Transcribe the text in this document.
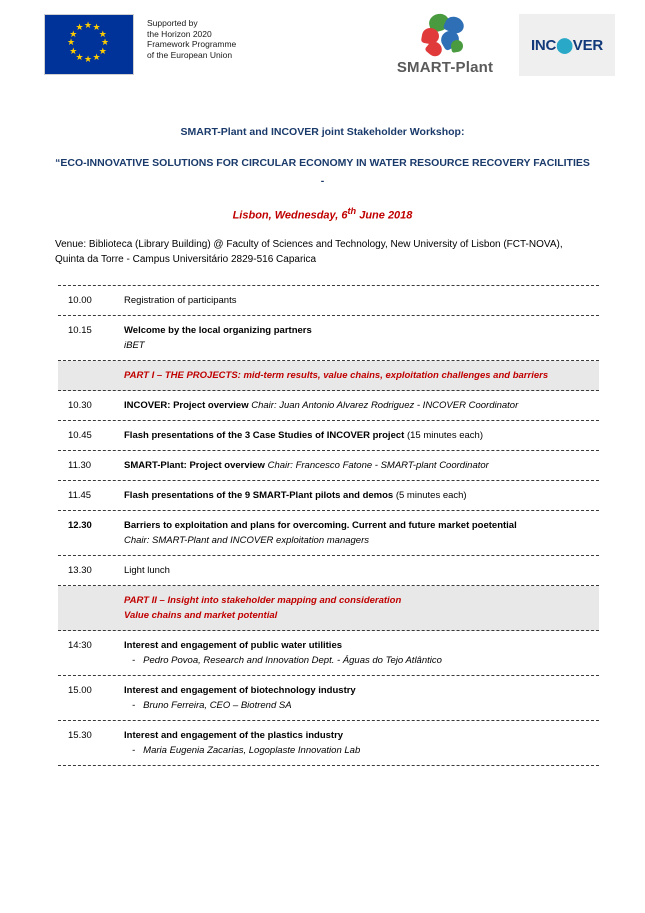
★ ★
★
★
★
★
★
★
★
★
★
★	Supported by
the Horizon 2020
Framework Programme
of the European Union
SMART-Plant
INC⬤VER
SMART-Plant and INCOVER joint Stakeholder Workshop:
“ECO-INNOVATIVE SOLUTIONS FOR CIRCULAR ECONOMY IN WATER RESOURCE RECOVERY FACILITIES -
Lisbon, Wednesday, 6th June 2018
Venue: Biblioteca (Library Building) @ Faculty of Sciences and Technology, New University of Lisbon (FCT-NOVA), Quinta da Torre - Campus Universitário 2829-516 Caparica
10.00	Registration of participants
10.15	Welcome by the local organizing partners
iBET
PART I – THE PROJECTS: mid-term results, value chains, exploitation challenges and barriers
10.30	INCOVER: Project overview Chair: Juan Antonio Alvarez Rodriguez - INCOVER Coordinator
10.45	Flash presentations of the 3 Case Studies of INCOVER project (15 minutes each)
11.30	SMART-Plant: Project overview Chair: Francesco Fatone - SMART-plant Coordinator
11.45	Flash presentations of the 9 SMART-Plant pilots and demos (5 minutes each)
12.30	Barriers to exploitation and plans for overcoming. Current and future market poetential
Chair: SMART-Plant and INCOVER exploitation managers
13.30	Light lunch
PART II – Insight into stakeholder mapping and consideration
Value chains and market potential
14:30	Interest and engagement of public water utilities
- Pedro Povoa, Research and Innovation Dept. - Águas do Tejo Atlântico
15.00	Interest and engagement of biotechnology industry
- Bruno Ferreira, CEO – Biotrend SA
15.30	Interest and engagement of the plastics industry
- Maria Eugenia Zacarias, Logoplaste Innovation Lab
